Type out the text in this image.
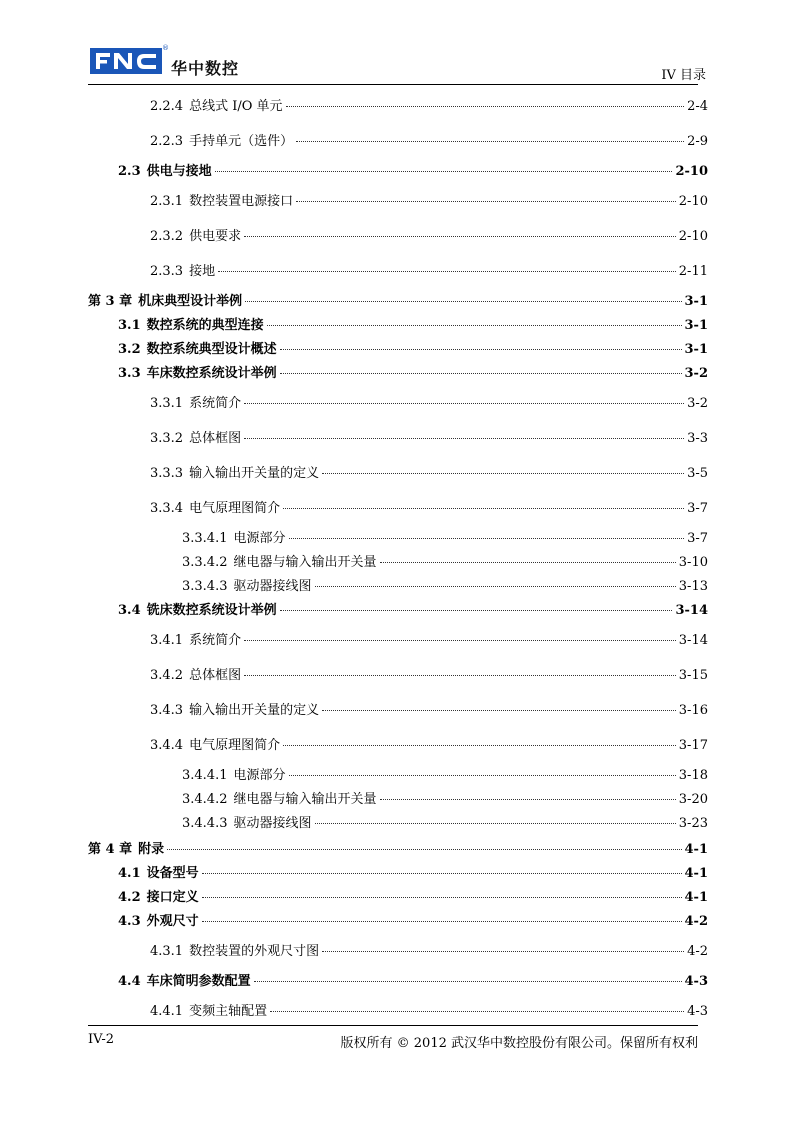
®
华中数控	IV 目录
2.2.4 总线式 I/O 单元	2-4
2.2.3 手持单元（选件）	2-9
2.3 供电与接地	2-10
2.3.1 数控装置电源接口	2-10
2.3.2 供电要求	2-10
2.3.3 接地	2-11
第 3 章 机床典型设计举例	3-1
3.1 数控系统的典型连接	3-1
3.2 数控系统典型设计概述	3-1
3.3 车床数控系统设计举例	3-2
3.3.1 系统简介	3-2
3.3.2 总体框图	3-3
3.3.3 输入输出开关量的定义	3-5
3.3.4 电气原理图简介	3-7
3.3.4.1 电源部分	3-7
3.3.4.2 继电器与输入输出开关量	3-10
3.3.4.3 驱动器接线图	3-13
3.4 铣床数控系统设计举例	3-14
3.4.1 系统简介	3-14
3.4.2 总体框图	3-15
3.4.3 输入输出开关量的定义	3-16
3.4.4 电气原理图简介	3-17
3.4.4.1 电源部分	3-18
3.4.4.2 继电器与输入输出开关量	3-20
3.4.4.3 驱动器接线图	3-23
第 4 章 附录	4-1
4.1 设备型号	4-1
4.2 接口定义	4-1
4.3 外观尺寸	4-2
4.3.1 数控装置的外观尺寸图	4-2
4.4 车床简明参数配置	4-3
4.4.1 变频主轴配置	4-3
IV-2	版权所有 © 2012 武汉华中数控股份有限公司。保留所有权利
